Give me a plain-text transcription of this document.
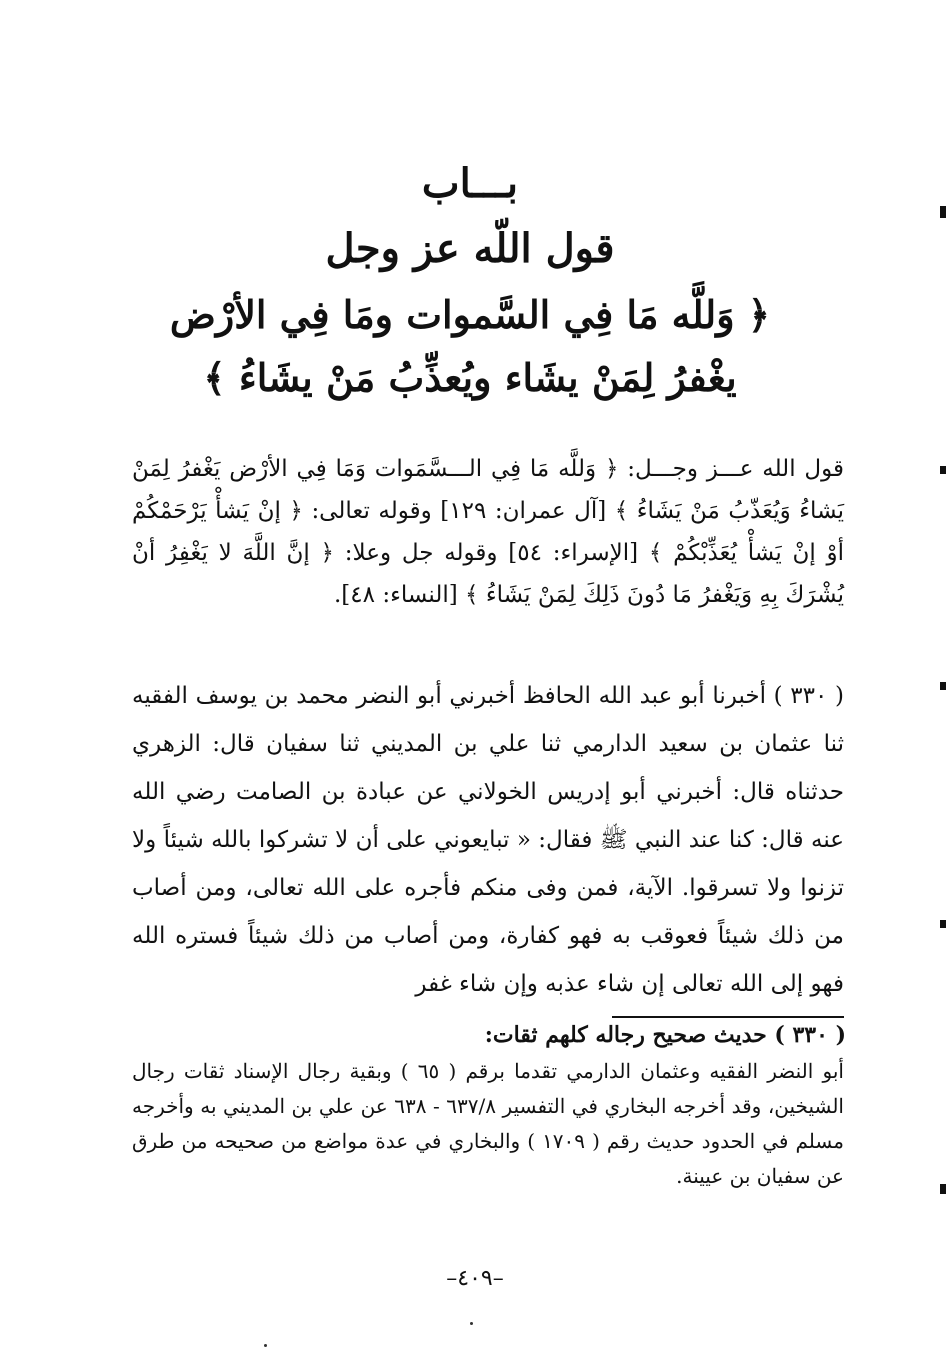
بـــاب
قول اللّه عز وجل
﴿ وَللَّه مَا فِي السَّموات ومَا فِي الأرْض
يغْفرُ لِمَنْ يشَاء ويُعذِّبُ مَنْ يشَاءُ ﴾

قول الله عـــز وجـــل: ﴿ وَللَّه مَا فِي الـــسَّمَوات وَمَا فِي الأرْض يَغْفرُ لِمَنْ يَشاءُ وَيُعَذّبُ مَنْ يَشَاءُ ﴾ [آل عمران: ١٢٩] وقوله تعالى: ﴿ إنْ يَشأْ يَرْحَمْكُمْ أوْ إنْ يَشأْ يُعَذِّبْكُمْ ﴾ [الإسراء: ٥٤] وقوله جل وعلا: ﴿ إنَّ اللَّهَ لا يَغْفِرُ أنْ يُشْرَكَ بِهِ وَيَغْفرُ مَا دُونَ ذَلِكَ لِمَنْ يَشَاءُ ﴾ [النساء: ٤٨].

( ٣٣٠ ) أخبرنا أبو عبد الله الحافظ أخبرني أبو النضر محمد بن يوسف الفقيه ثنا عثمان بن سعيد الدارمي ثنا علي بن المديني ثنا سفيان قال: الزهري حدثناه قال: أخبرني أبو إدريس الخولاني عن عبادة بن الصامت رضي الله عنه قال: كنا عند النبي ﷺ فقال: « تبايعوني على أن لا تشركوا بالله شيئاً ولا تزنوا ولا تسرقوا. الآية، فمن وفى منكم فأجره على الله تعالى، ومن أصاب من ذلك شيئاً فعوقب به فهو كفارة، ومن أصاب من ذلك شيئاً فستره الله فهو إلى الله تعالى إن شاء عذبه وإن شاء غفر

( ٣٣٠ ) حديث صحيح رجاله كلهم ثقات:

أبو النضر الفقيه وعثمان الدارمي تقدما برقم ( ٦٥ ) وبقية رجال الإسناد ثقات رجال الشيخين، وقد أخرجه البخاري في التفسير ٦٣٧/٨ - ٦٣٨ عن علي بن المديني به وأخرجه مسلم في الحدود حديث رقم ( ١٧٠٩ ) والبخاري في عدة مواضع من صحيحه من طرق عن سفيان بن عيينة.

–٤٠٩–
